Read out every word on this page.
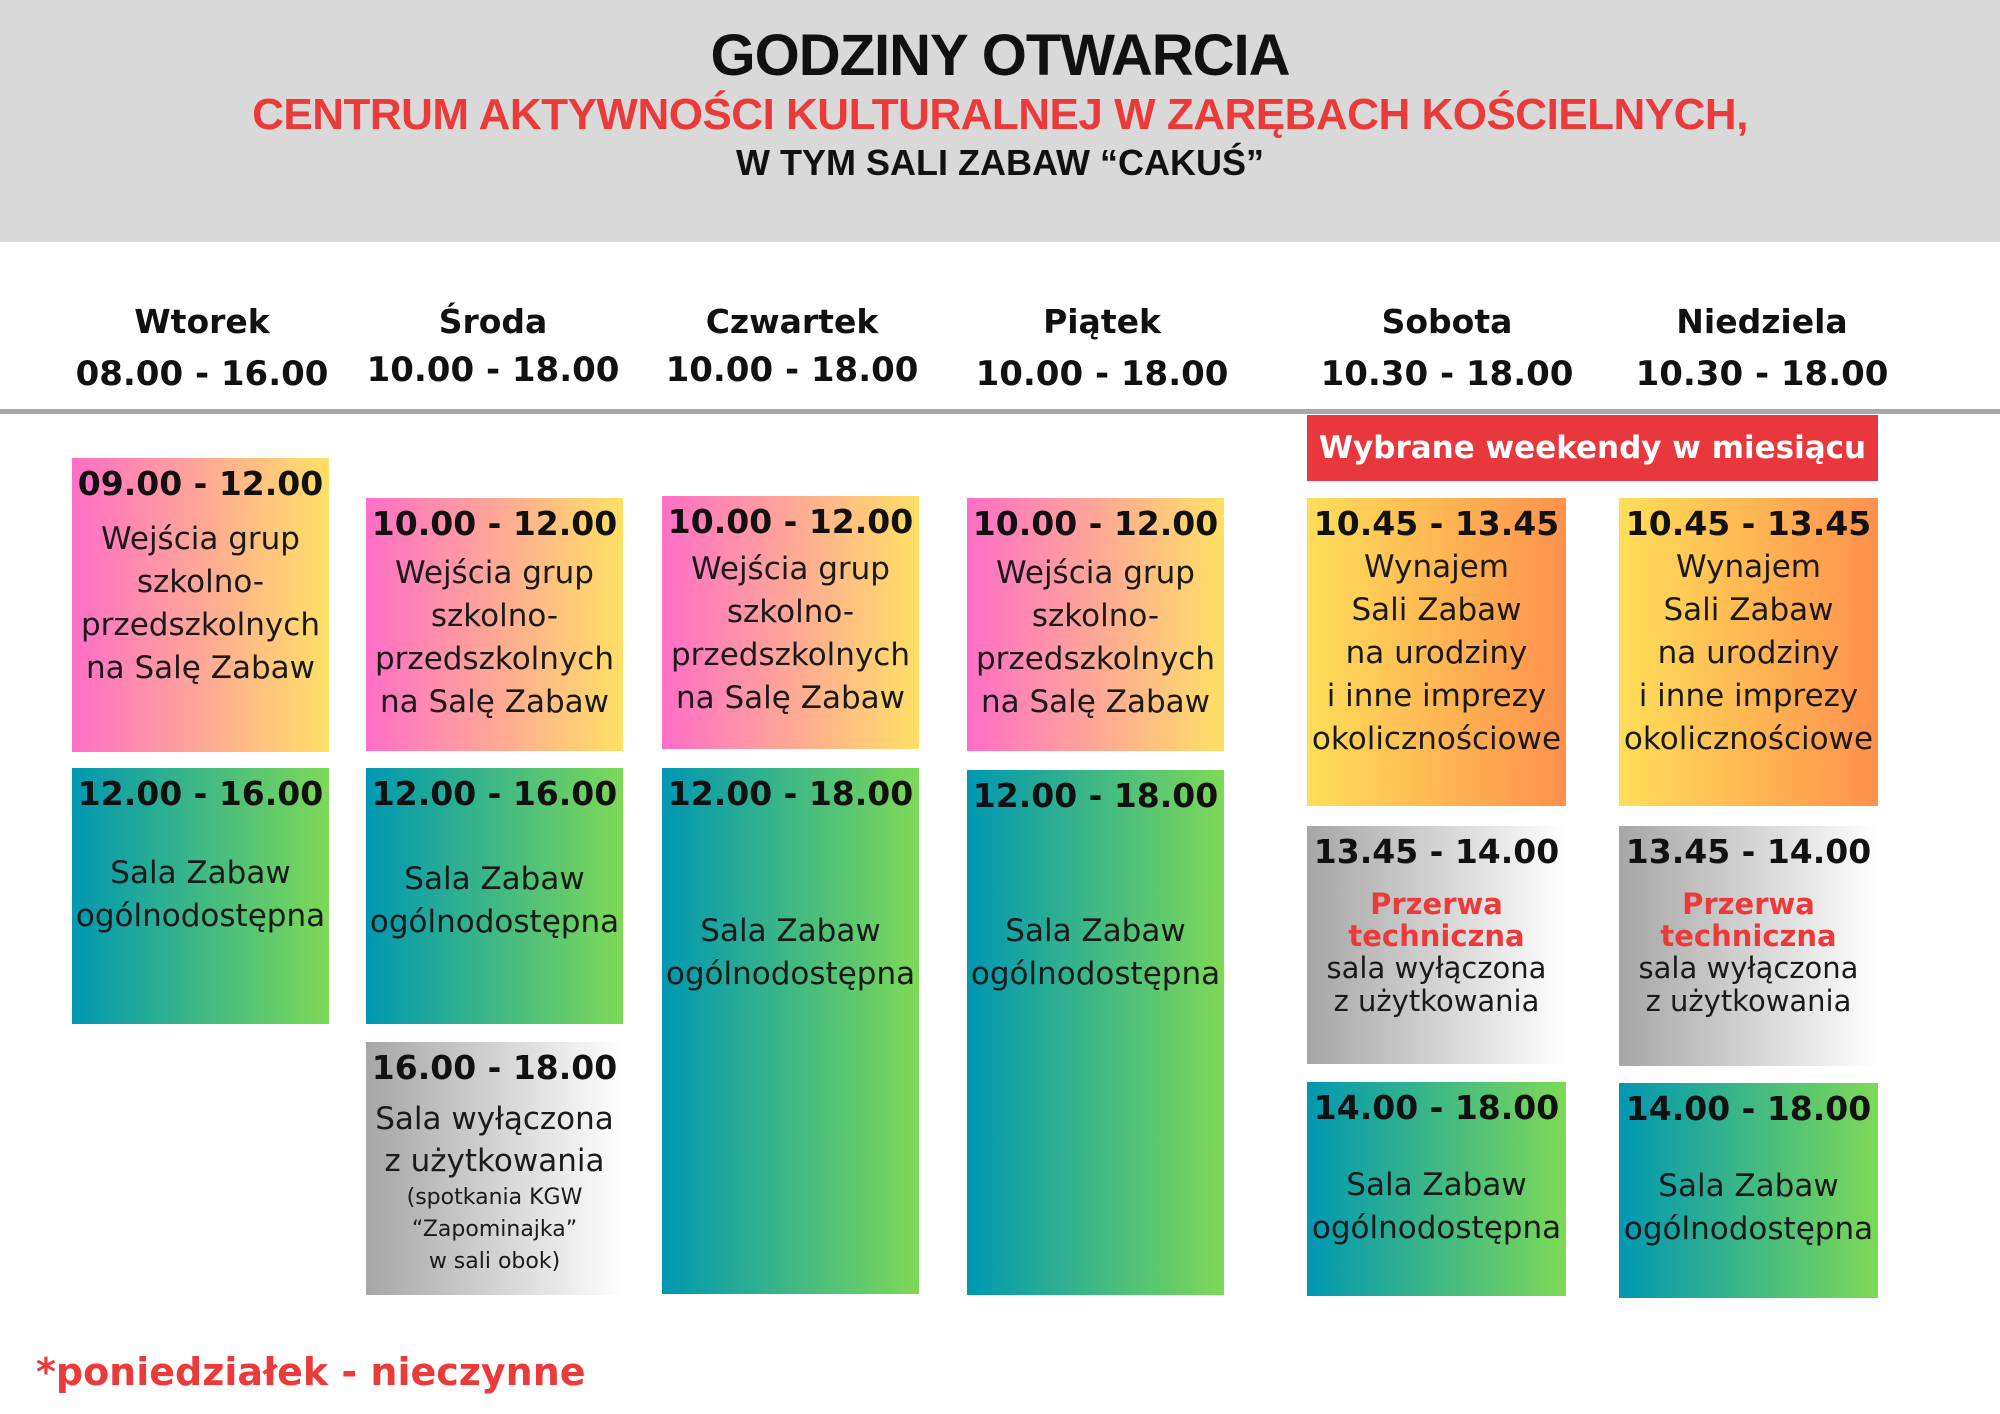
GODZINY OTWARCIA
CENTRUM AKTYWNOŚCI KULTURALNEJ W ZARĘBACH KOŚCIELNYCH,
W TYM SALI ZABAW “CAKUŚ”
Wtorek
08.00 - 16.00
Środa
10.00 - 18.00
Czwartek
10.00 - 18.00
Piątek
10.00 - 18.00
Sobota
10.30 - 18.00
Niedziela
10.30 - 18.00
Wybrane weekendy w miesiącu
09.00 - 12.00
Wejścia grup szkolno-przedszkolnych na Salę Zabaw
12.00 - 16.00
Sala Zabaw ogólnodostępna
10.00 - 12.00
Wejścia grup szkolno-przedszkolnych na Salę Zabaw
12.00 - 16.00
Sala Zabaw ogólnodostępna
16.00 - 18.00
Sala wyłączona z użytkowania
(spotkania KGW
“Zapominajka”
w sali obok)
10.00 - 12.00
Wejścia grup szkolno-przedszkolnych na Salę Zabaw
12.00 - 18.00
Sala Zabaw ogólnodostępna
10.00 - 12.00
Wejścia grup szkolno-przedszkolnych na Salę Zabaw
12.00 - 18.00
Sala Zabaw ogólnodostępna
10.45 - 13.45
Wynajem
Sali Zabaw
na urodziny
i inne imprezy
okolicznościowe
13.45 - 14.00
Przerwa
techniczna
sala wyłączona
z użytkowania
14.00 - 18.00
Sala Zabaw ogólnodostępna
10.45 - 13.45
Wynajem
Sali Zabaw
na urodziny
i inne imprezy
okolicznościowe
13.45 - 14.00
Przerwa
techniczna
sala wyłączona
z użytkowania
14.00 - 18.00
Sala Zabaw ogólnodostępna
*poniedziałek - nieczynne
